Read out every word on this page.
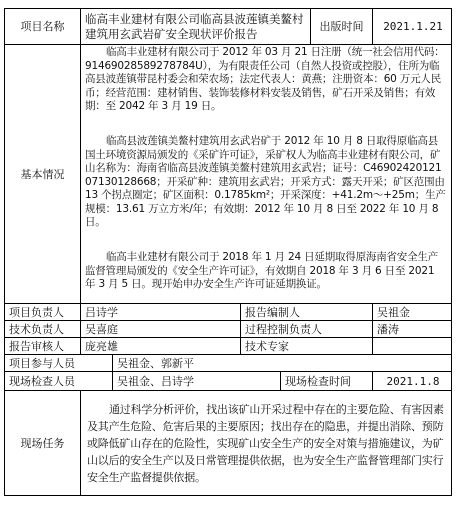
项目名称
临高丰业建材有限公司临高县波莲镇美鳌村建筑用玄武岩矿安全现状评价报告	出版时间	2021.1.21
基本情况
临高丰业建材有限公司于 2012 年 03 月 21 日注册（统一社会信用代码：91469028589278784U），为有限责任公司（自然人投资或控股），住所为临高县波莲镇带昆村委会和荣农场；法定代表人：黄燕；注册资本：60 万元人民币；经营范围：建材销售、装饰装修材料安装及销售，矿石开采及销售；有效期：至 2042 年 3 月 19 日。
临高县波莲镇美鳌村建筑用玄武岩矿于 2012 年 10 月 8 日取得原临高县国土环境资源局颁发的《采矿许可证》，采矿权人为临高丰业建材有限公司，矿山名称为：海南省临高县波莲镇美鳌村建筑用玄武岩；证号：C4690242012107130128668；开采矿种：建筑用玄武岩；开采方式：露天开采；矿区范围由 13 个拐点圈定；矿区面积：0.1785km²；开采深度：+41.2m～+25m；生产规模：13.61 万立方米/年；有效期：2012 年 10 月 8 日至 2022 年 10 月 8 日。
临高丰业建材有限公司于 2018 年 1 月 24 日延期取得原海南省安全生产监督管理局颁发的《安全生产许可证》，有效期自 2018 年 3 月 6 日至 2021 年 3 月 5 日。现开始申办安全生产许可证延期换证。
项目负责人	吕诗学	报告编制人	吴祖金
技术负责人	吴喜庭	过程控制负责人	潘涛
报告审核人	庞亮雄	技术专家
项目参与人员	吴祖金、郭新平
现场检查人员	吴祖金、吕诗学	现场检查时间	2021.1.8
现场任务
通过科学分析评价，找出该矿山开采过程中存在的主要危险、有害因素及其产生危险、危害后果的主要原因；找出存在的隐患，并提出消除、预防或降低矿山存在的危险性，实现矿山安全生产的安全对策与措施建议，为矿山以后的安全生产以及日常管理提供依据，也为安全生产监督管理部门实行安全生产监督提供依据。
